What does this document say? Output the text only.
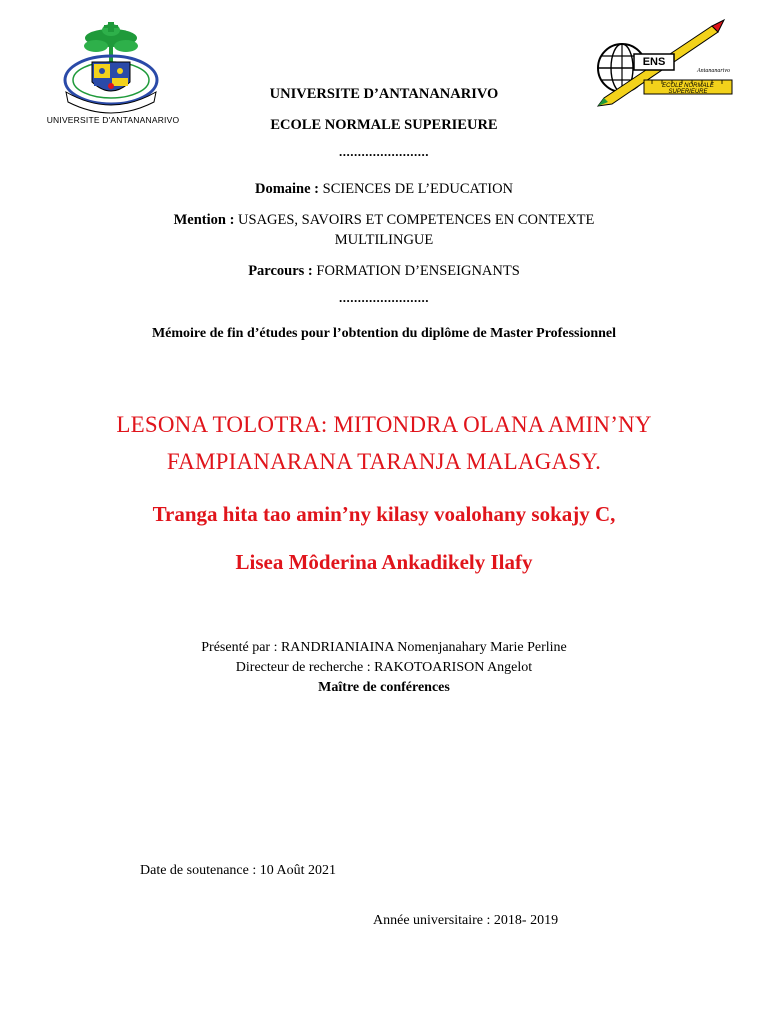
UNIVERSITE D'ANTANANARIVO
ENS
ECOLE NORMALE SUPERIEURE
Antananarivo
UNIVERSITE D’ANTANANARIVO
ECOLE NORMALE SUPERIEURE
........................
Domaine : SCIENCES DE L’EDUCATION
Mention : USAGES, SAVOIRS ET COMPETENCES EN CONTEXTE
MULTILINGUE
Parcours : FORMATION D’ENSEIGNANTS
........................
Mémoire de fin d’études pour l’obtention du diplôme de Master Professionnel
LESONA TOLOTRA: MITONDRA OLANA AMIN’NY
FAMPIANARANA TARANJA MALAGASY.
Tranga hita tao amin’ny kilasy voalohany sokajy C,
Lisea Môderina Ankadikely Ilafy
Présenté par : RANDRIANIAINA Nomenjanahary Marie Perline
Directeur de recherche : RAKOTOARISON Angelot
Maître de conférences
Date de soutenance : 10 Août 2021
Année universitaire : 2018- 2019
